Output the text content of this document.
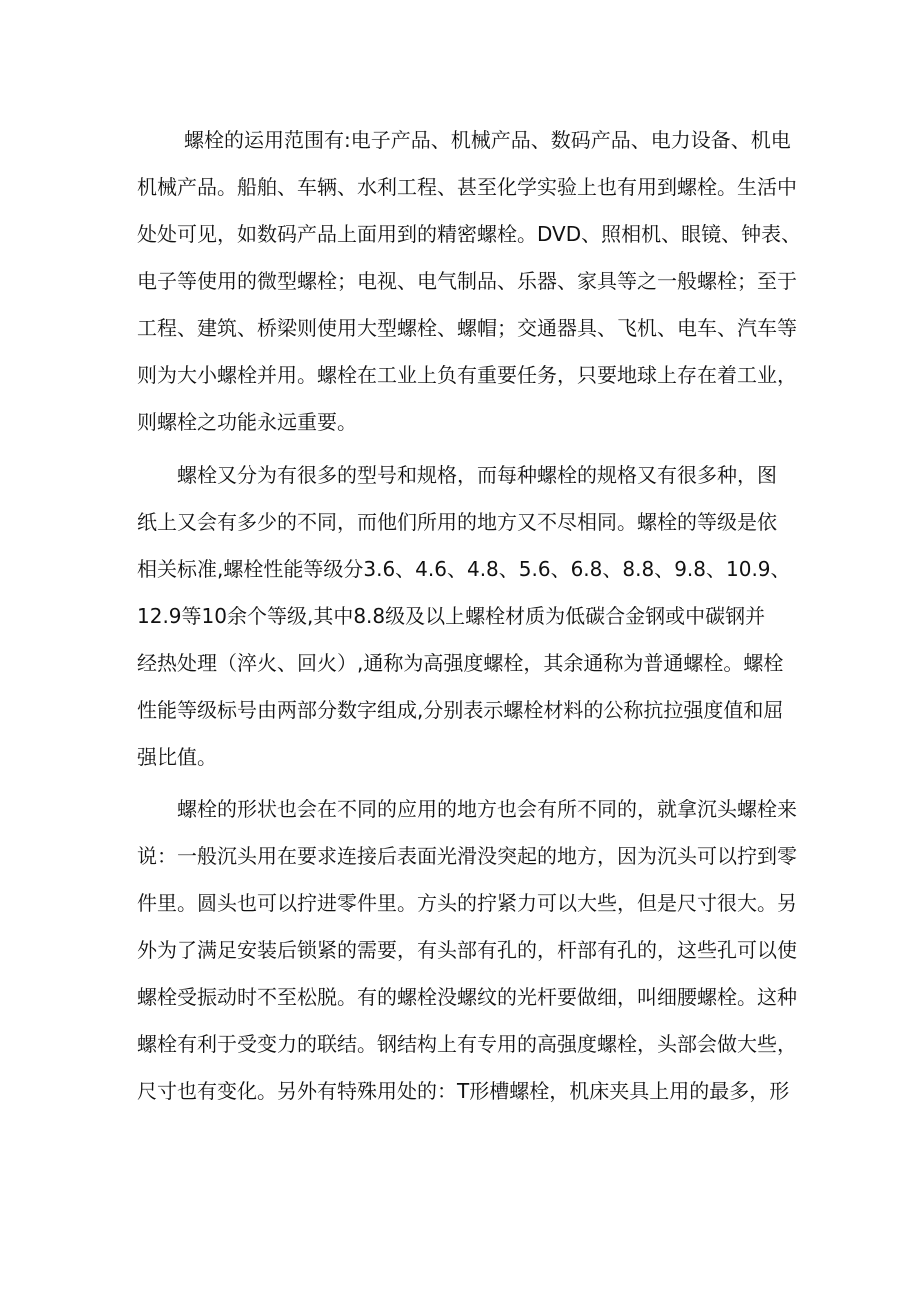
螺栓的运用范围有:电子产品、机械产品、数码产品、电力设备、机电

机械产品。船舶、车辆、水利工程、甚至化学实验上也有用到螺栓。生活中

处处可见，如数码产品上面用到的精密螺栓。DVD、照相机、眼镜、钟表、

电子等使用的微型螺栓；电视、电气制品、乐器、家具等之一般螺栓；至于

工程、建筑、桥梁则使用大型螺栓、螺帽；交通器具、飞机、电车、汽车等

则为大小螺栓并用。螺栓在工业上负有重要任务，只要地球上存在着工业，

则螺栓之功能永远重要。

螺栓又分为有很多的型号和规格，而每种螺栓的规格又有很多种，图

纸上又会有多少的不同，而他们所用的地方又不尽相同。螺栓的等级是依

相关标准,螺栓性能等级分3.6、4.6、4.8、5.6、6.8、8.8、9.8、10.9、

12.9等10余个等级,其中8.8级及以上螺栓材质为低碳合金钢或中碳钢并

经热处理（淬火、回火）,通称为高强度螺栓，其余通称为普通螺栓。螺栓

性能等级标号由两部分数字组成,分别表示螺栓材料的公称抗拉强度值和屈

强比值。

螺栓的形状也会在不同的应用的地方也会有所不同的，就拿沉头螺栓来

说：一般沉头用在要求连接后表面光滑没突起的地方，因为沉头可以拧到零

件里。圆头也可以拧进零件里。方头的拧紧力可以大些，但是尺寸很大。另

外为了满足安装后锁紧的需要，有头部有孔的，杆部有孔的，这些孔可以使

螺栓受振动时不至松脱。有的螺栓没螺纹的光杆要做细，叫细腰螺栓。这种

螺栓有利于受变力的联结。钢结构上有专用的高强度螺栓，头部会做大些，

尺寸也有变化。另外有特殊用处的：T形槽螺栓，机床夹具上用的最多，形
